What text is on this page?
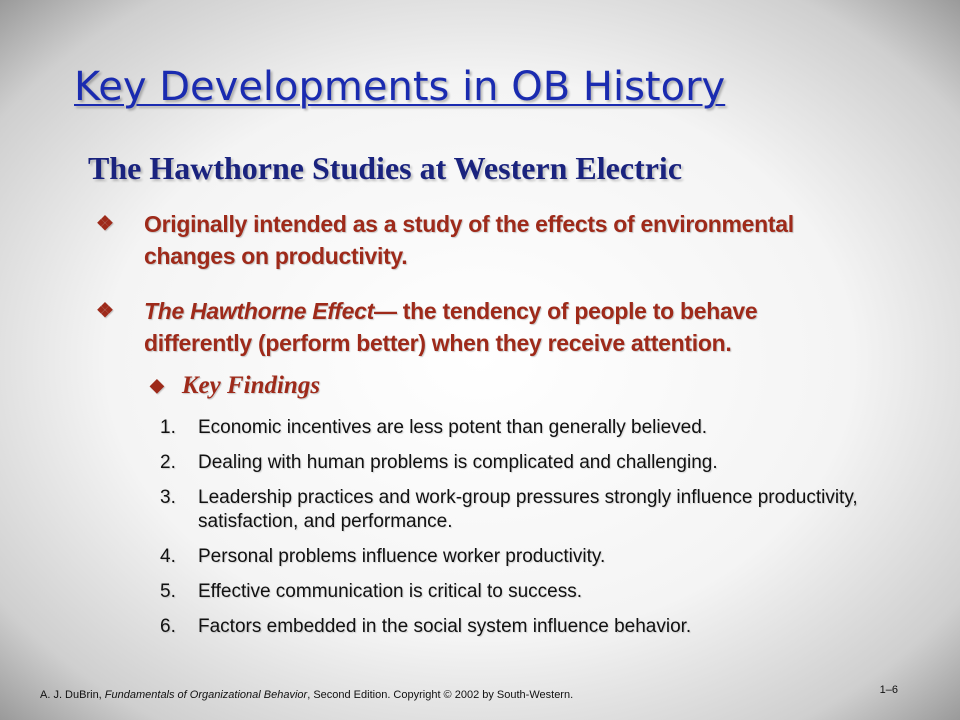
Key Developments in OB History
The Hawthorne Studies at Western Electric
❖	Originally intended as a study of the effects of environmental changes on productivity.
❖	The Hawthorne Effect— the tendency of people to behave differently (perform better) when they receive attention.
◆ Key Findings
1. Economic incentives are less potent than generally believed.
2. Dealing with human problems is complicated and challenging.
3. Leadership practices and work-group pressures strongly influence productivity, satisfaction, and performance.
4. Personal problems influence worker productivity.
5. Effective communication is critical to success.
6. Factors embedded in the social system influence behavior.
A. J. DuBrin, Fundamentals of Organizational Behavior, Second Edition. Copyright © 2002 by South-Western.	1–6
